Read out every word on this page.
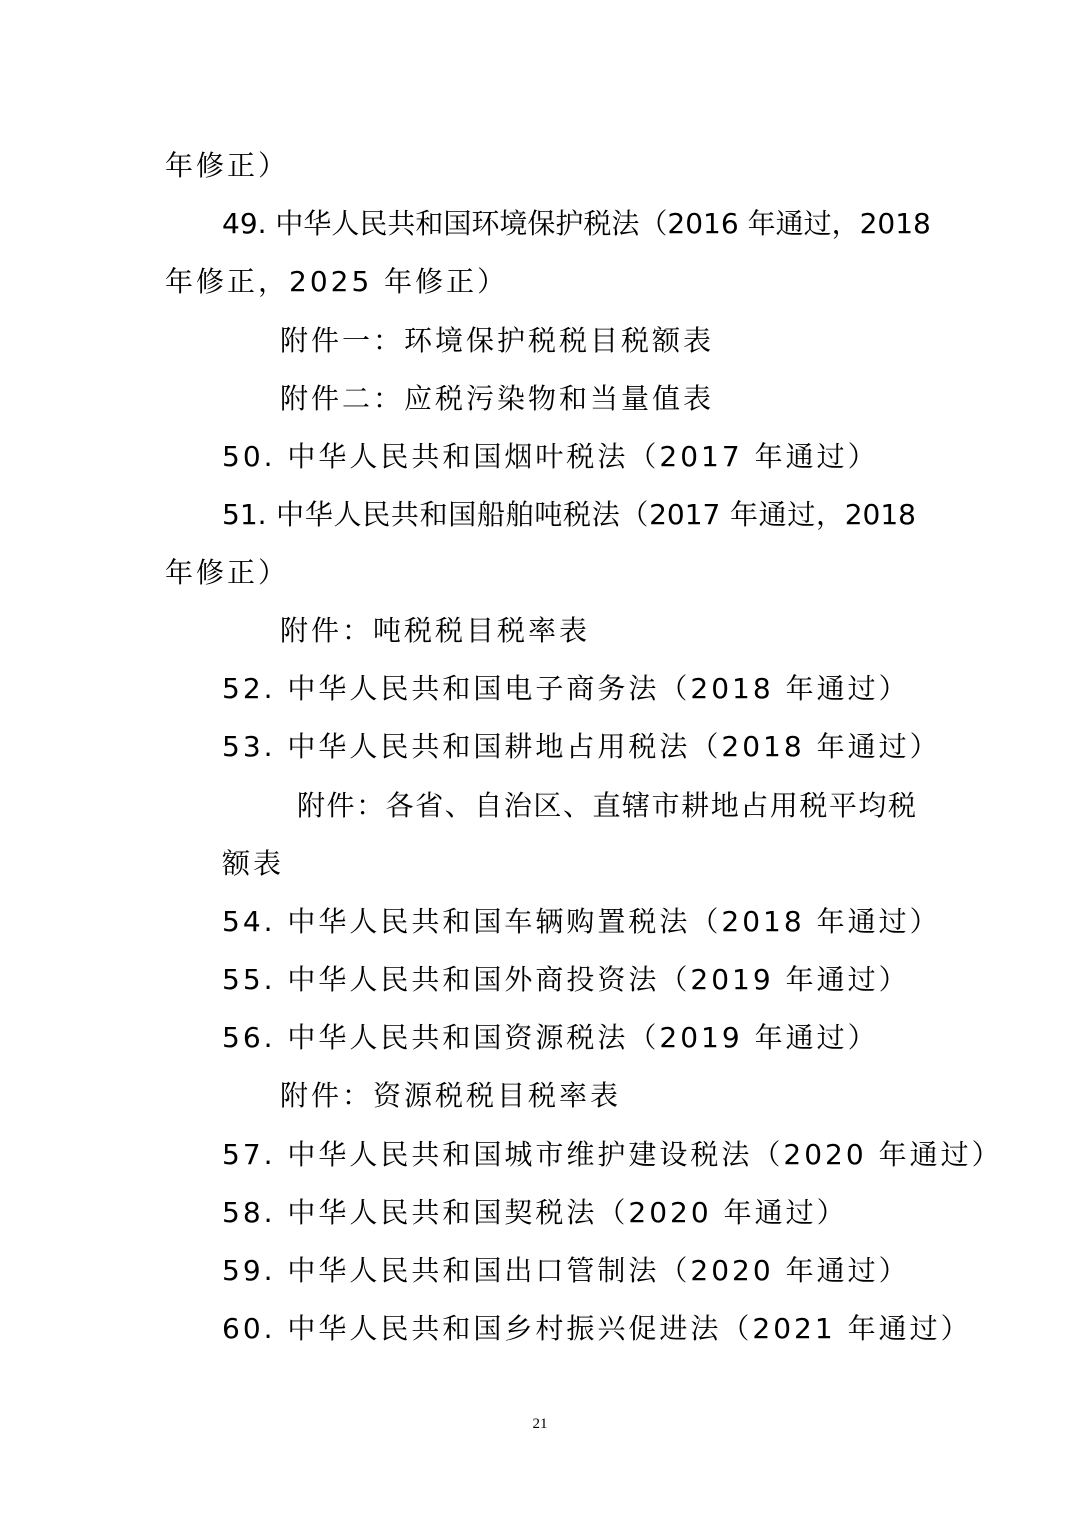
年修正）
49. 中华人民共和国环境保护税法（2016 年通过，2018
年修正，2025 年修正）
附件一：环境保护税税目税额表
附件二：应税污染物和当量值表
50. 中华人民共和国烟叶税法（2017 年通过）
51. 中华人民共和国船舶吨税法（2017 年通过，2018
年修正）
附件：吨税税目税率表
52. 中华人民共和国电子商务法（2018 年通过）
53. 中华人民共和国耕地占用税法（2018 年通过）
附件：各省、自治区、直辖市耕地占用税平均税
额表
54. 中华人民共和国车辆购置税法（2018 年通过）
55. 中华人民共和国外商投资法（2019 年通过）
56. 中华人民共和国资源税法（2019 年通过）
附件：资源税税目税率表
57. 中华人民共和国城市维护建设税法（2020 年通过）
58. 中华人民共和国契税法（2020 年通过）
59. 中华人民共和国出口管制法（2020 年通过）
60. 中华人民共和国乡村振兴促进法（2021 年通过）
21
